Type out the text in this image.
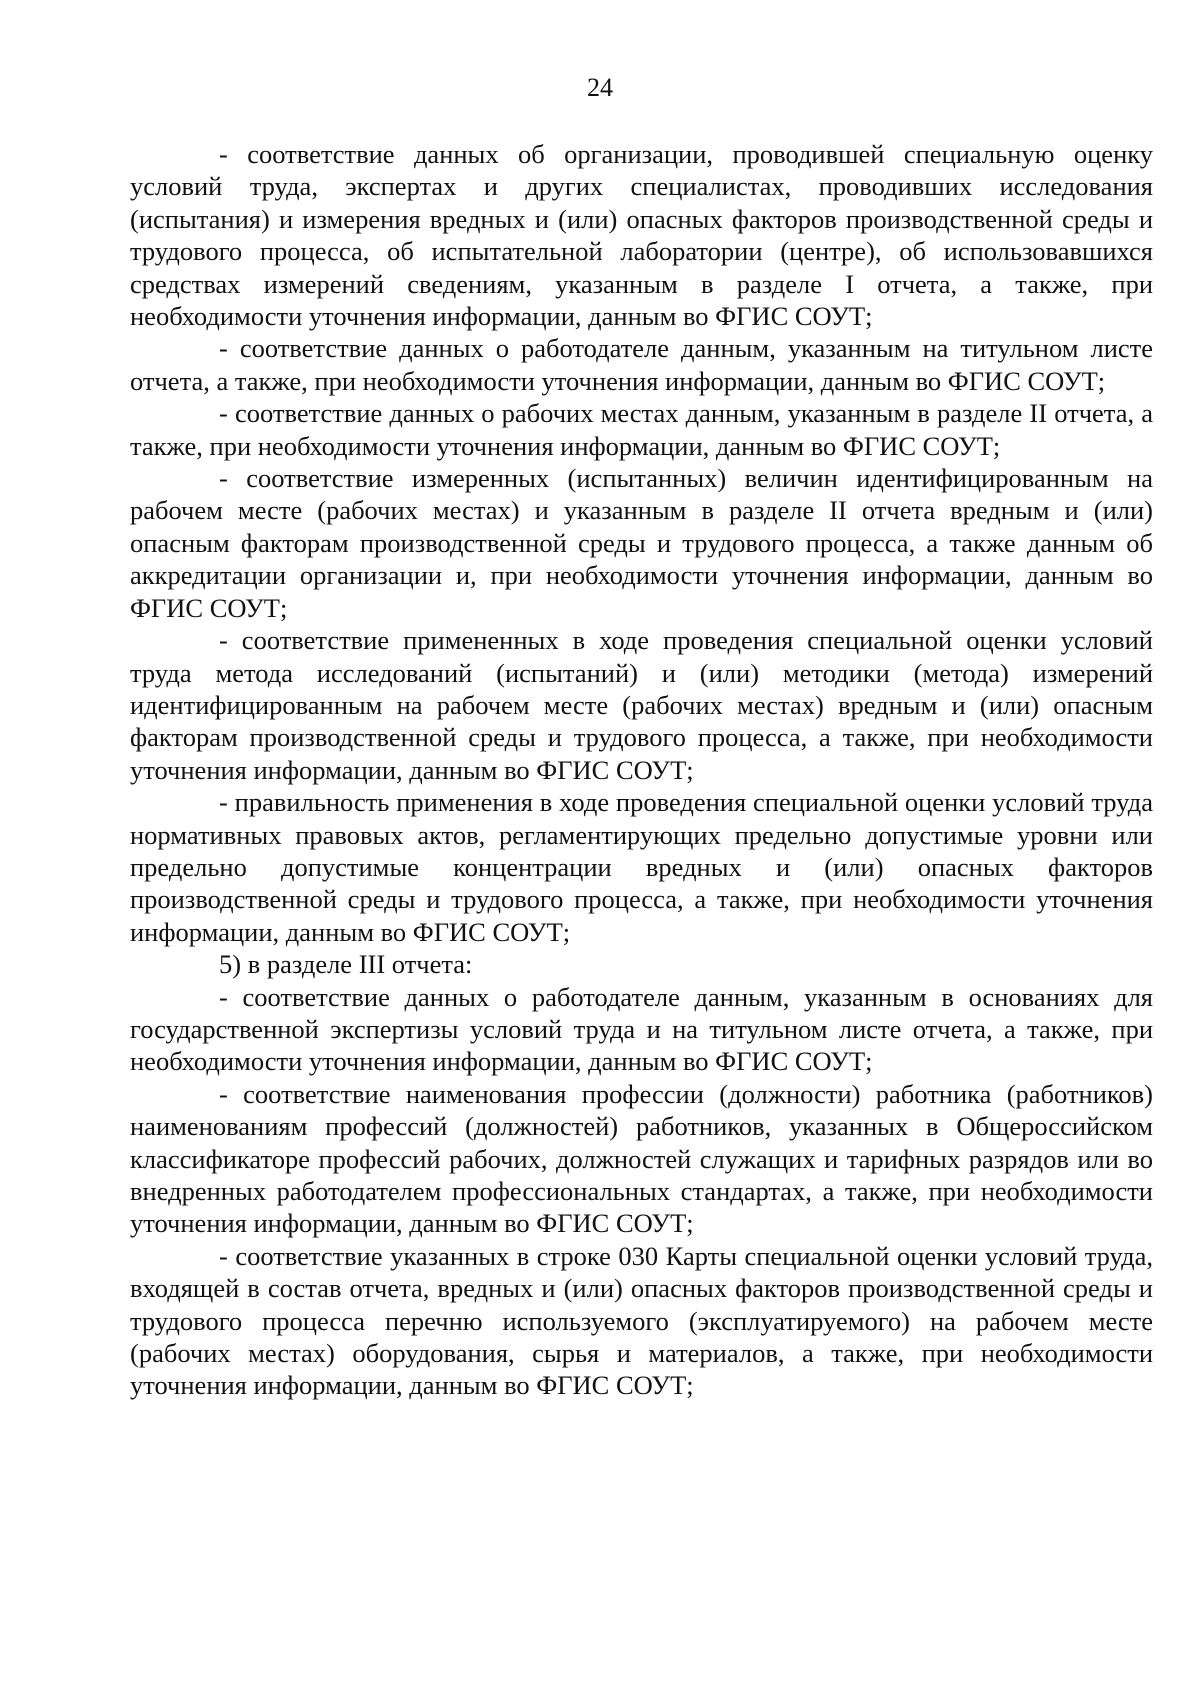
24

- соответствие данных об организации, проводившей специальную оценку условий труда, экспертах и других специалистах, проводивших исследования (испытания) и измерения вредных и (или) опасных факторов производственной среды и трудового процесса, об испытательной лаборатории (центре), об использовавшихся средствах измерений сведениям, указанным в разделе I отчета, а также, при необходимости уточнения информации, данным во ФГИС СОУТ;

- соответствие данных о работодателе данным, указанным на титульном листе отчета, а также, при необходимости уточнения информации, данным во ФГИС СОУТ;

- соответствие данных о рабочих местах данным, указанным в разделе II отчета, а также, при необходимости уточнения информации, данным во ФГИС СОУТ;

- соответствие измеренных (испытанных) величин идентифицированным на рабочем месте (рабочих местах) и указанным в разделе II отчета вредным и (или) опасным факторам производственной среды и трудового процесса, а также данным об аккредитации организации и, при необходимости уточнения информации, данным во ФГИС СОУТ;

- соответствие примененных в ходе проведения специальной оценки условий труда метода исследований (испытаний) и (или) методики (метода) измерений идентифицированным на рабочем месте (рабочих местах) вредным и (или) опасным факторам производственной среды и трудового процесса, а также, при необходимости уточнения информации, данным во ФГИС СОУТ;

- правильность применения в ходе проведения специальной оценки условий труда нормативных правовых актов, регламентирующих предельно допустимые уровни или предельно допустимые концентрации вредных и (или) опасных факторов производственной среды и трудового процесса, а также, при необходимости уточнения информации, данным во ФГИС СОУТ;

5) в разделе III отчета:

- соответствие данных о работодателе данным, указанным в основаниях для государственной экспертизы условий труда и на титульном листе отчета, а также, при необходимости уточнения информации, данным во ФГИС СОУТ;

- соответствие наименования профессии (должности) работника (работников) наименованиям профессий (должностей) работников, указанных в Общероссийском классификаторе профессий рабочих, должностей служащих и тарифных разрядов или во внедренных работодателем профессиональных стандартах, а также, при необходимости уточнения информации, данным во ФГИС СОУТ;

- соответствие указанных в строке 030 Карты специальной оценки условий труда, входящей в состав отчета, вредных и (или) опасных факторов производственной среды и трудового процесса перечню используемого (эксплуатируемого) на рабочем месте (рабочих местах) оборудования, сырья и материалов, а также, при необходимости уточнения информации, данным во ФГИС СОУТ;
